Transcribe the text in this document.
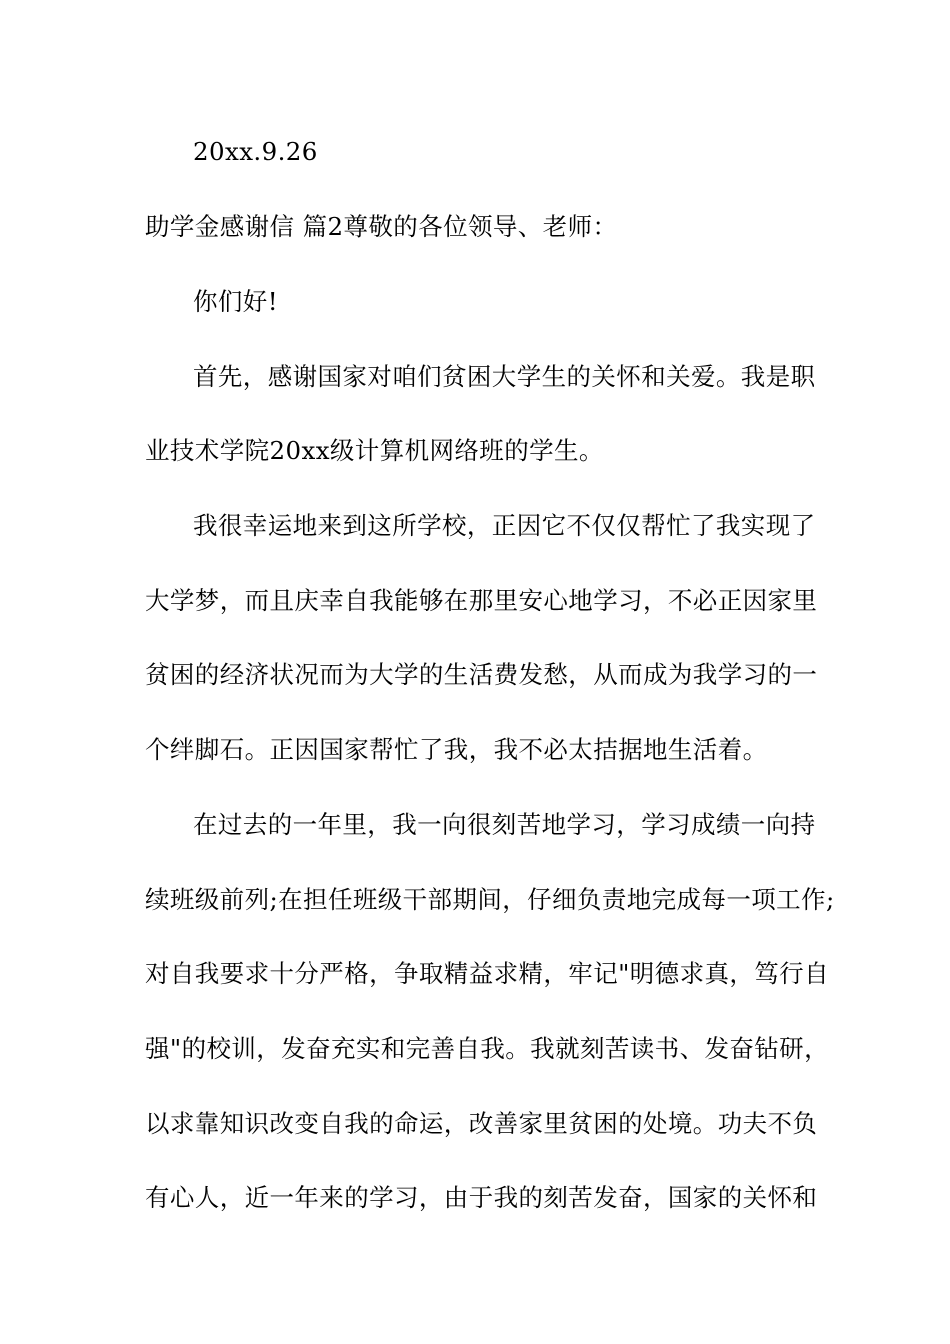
20xx.9.26

助学金感谢信 篇2尊敬的各位领导、老师：

你们好!

首先，感谢国家对咱们贫困大学生的关怀和关爱。我是职

业技术学院20xx级计算机网络班的学生。

我很幸运地来到这所学校，正因它不仅仅帮忙了我实现了

大学梦，而且庆幸自我能够在那里安心地学习，不必正因家里

贫困的经济状况而为大学的生活费发愁，从而成为我学习的一

个绊脚石。正因国家帮忙了我，我不必太拮据地生活着。

在过去的一年里，我一向很刻苦地学习，学习成绩一向持

续班级前列;在担任班级干部期间，仔细负责地完成每一项工作;

对自我要求十分严格，争取精益求精，牢记"明德求真，笃行自

强"的校训，发奋充实和完善自我。我就刻苦读书、发奋钻研，

以求靠知识改变自我的命运，改善家里贫困的处境。功夫不负

有心人，近一年来的学习，由于我的刻苦发奋，国家的关怀和
